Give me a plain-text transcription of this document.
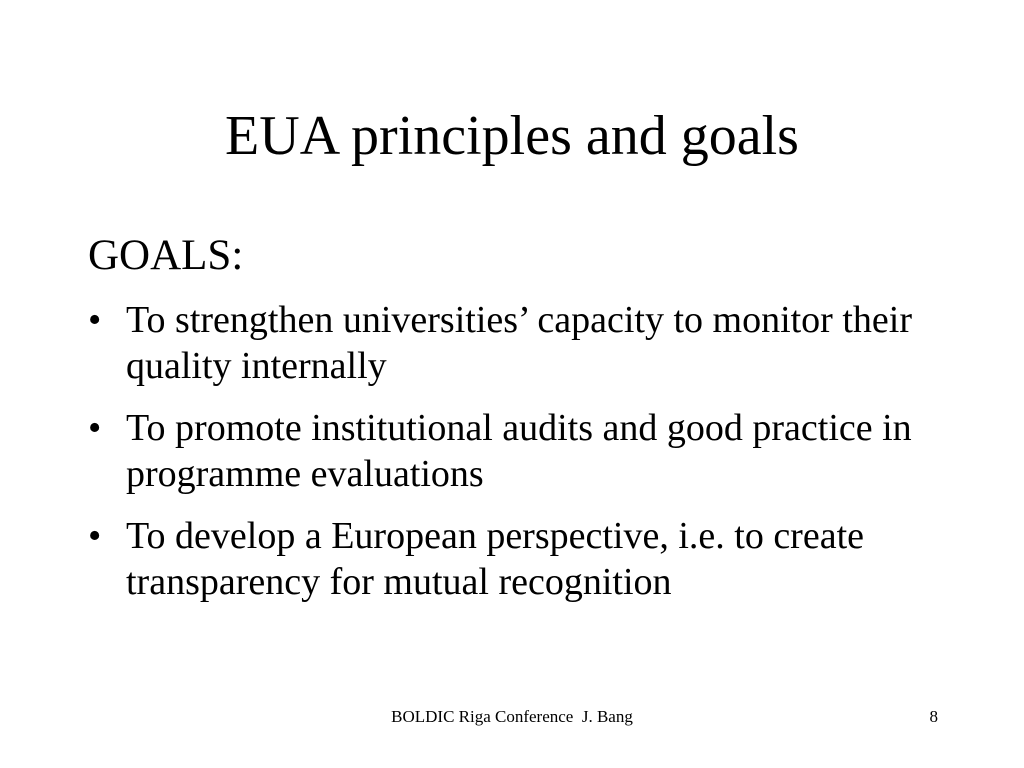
EUA principles and goals
GOALS:
• To strengthen universities’ capacity to monitor their quality internally
• To promote institutional audits and good practice in programme evaluations
• To develop a European perspective, i.e. to create transparency for mutual recognition
BOLDIC Riga Conference  J. Bang	8
